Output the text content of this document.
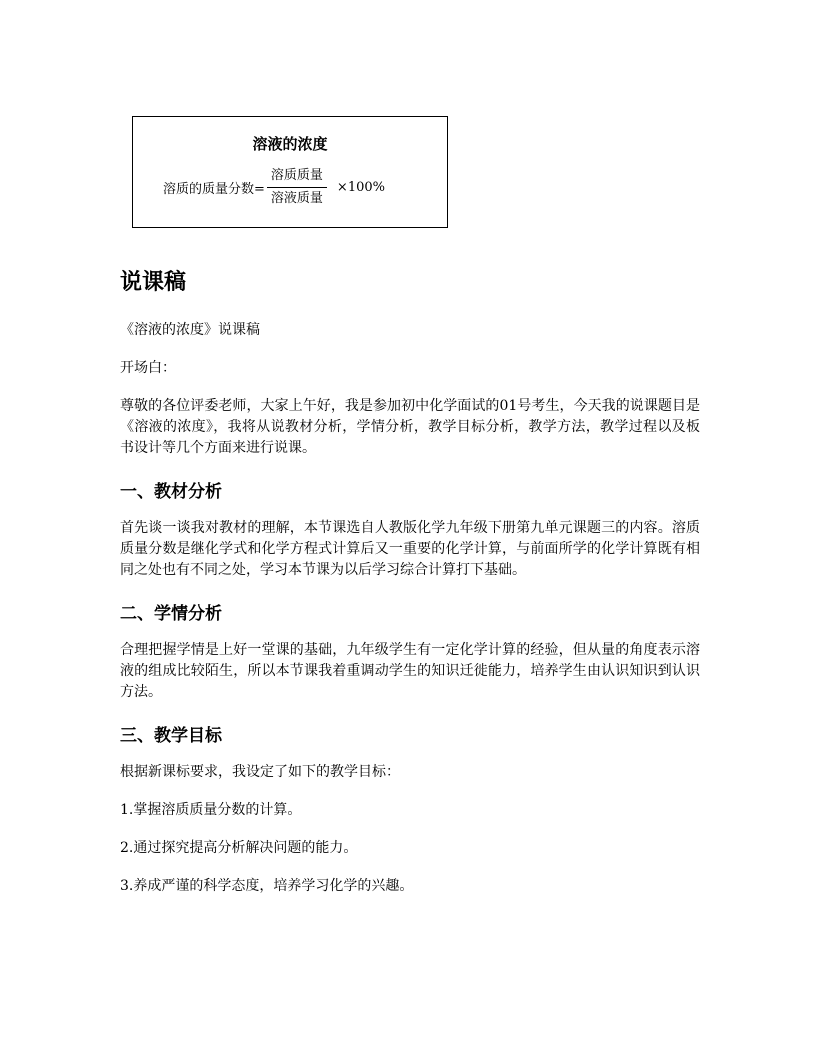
溶液的浓度
溶质的质量分数= $\frac{\text{溶质质量}}{\text{溶液质量}} \times 100\%$
说课稿

《溶液的浓度》说课稿

开场白：

尊敬的各位评委老师，大家上午好，我是参加初中化学面试的01号考生，今天我的说课题目是《溶液的浓度》，我将从说教材分析，学情分析，教学目标分析，教学方法，教学过程以及板书设计等几个方面来进行说课。

一、教材分析

首先谈一谈我对教材的理解，本节课选自人教版化学九年级下册第九单元课题三的内容。溶质质量分数是继化学式和化学方程式计算后又一重要的化学计算，与前面所学的化学计算既有相同之处也有不同之处，学习本节课为以后学习综合计算打下基础。

二、学情分析

合理把握学情是上好一堂课的基础，九年级学生有一定化学计算的经验，但从量的角度表示溶液的组成比较陌生，所以本节课我着重调动学生的知识迁徙能力，培养学生由认识知识到认识方法。

三、教学目标

根据新课标要求，我设定了如下的教学目标：

1.掌握溶质质量分数的计算。

2.通过探究提高分析解决问题的能力。

3.养成严谨的科学态度，培养学习化学的兴趣。
